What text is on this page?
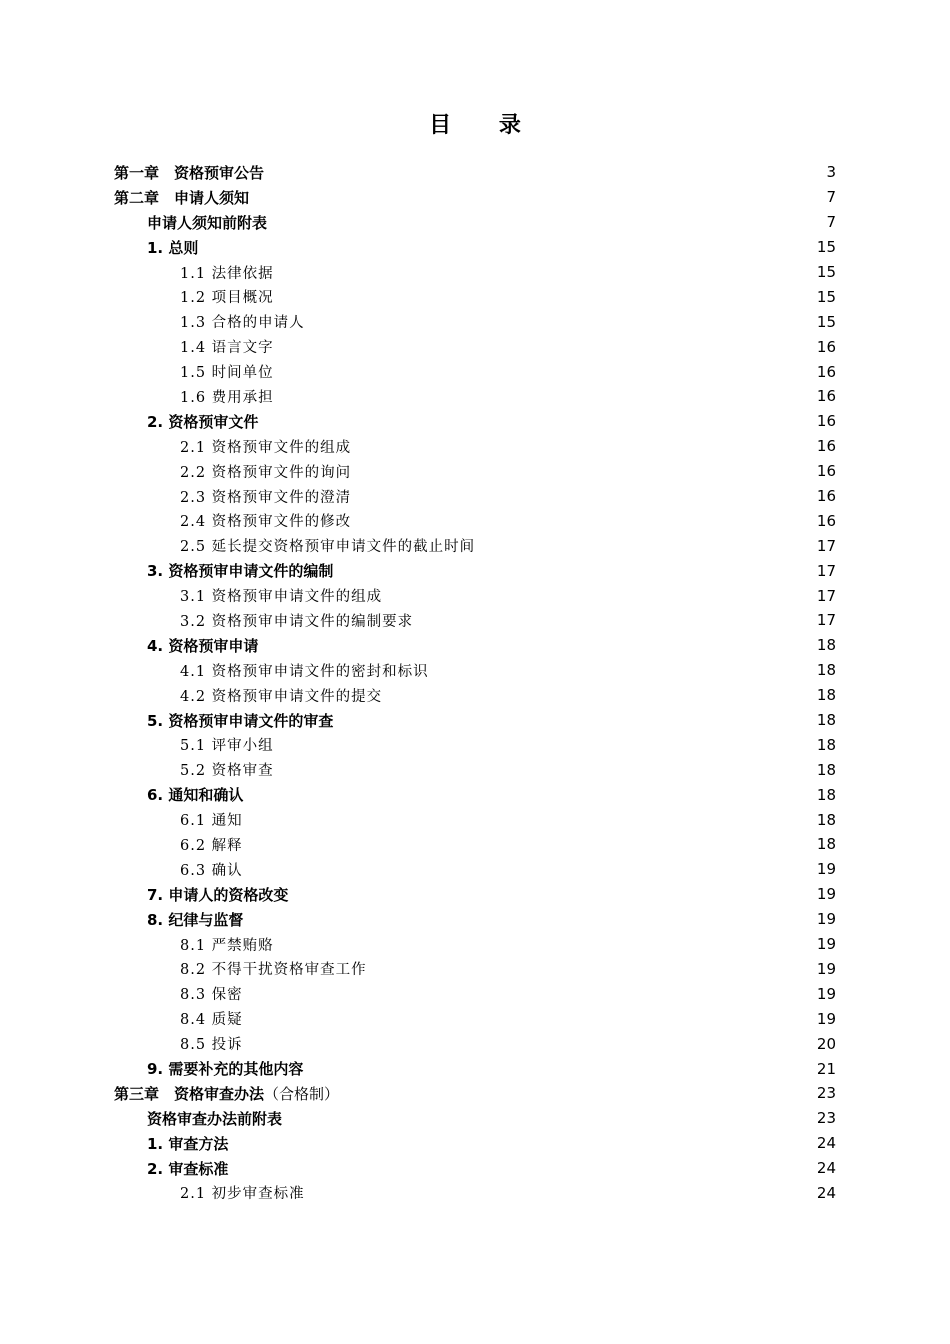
目 录
第一章　资格预审公告	3
第二章　申请人须知	7
申请人须知前附表	7
1. 总则	15
1.1 法律依据	15
1.2 项目概况	15
1.3 合格的申请人	15
1.4 语言文字	16
1.5 时间单位	16
1.6 费用承担	16
2. 资格预审文件	16
2.1 资格预审文件的组成	16
2.2 资格预审文件的询问	16
2.3 资格预审文件的澄清	16
2.4 资格预审文件的修改	16
2.5 延长提交资格预审申请文件的截止时间	17
3. 资格预审申请文件的编制	17
3.1 资格预审申请文件的组成	17
3.2 资格预审申请文件的编制要求	17
4. 资格预审申请	18
4.1 资格预审申请文件的密封和标识	18
4.2 资格预审申请文件的提交	18
5. 资格预审申请文件的审查	18
5.1 评审小组	18
5.2 资格审查	18
6. 通知和确认	18
6.1 通知	18
6.2 解释	18
6.3 确认	19
7. 申请人的资格改变	19
8. 纪律与监督	19
8.1 严禁贿赂	19
8.2 不得干扰资格审查工作	19
8.3 保密	19
8.4 质疑	19
8.5 投诉	20
9. 需要补充的其他内容	21
第三章　资格审查办法（合格制）	23
资格审查办法前附表	23
1. 审查方法	24
2. 审查标准	24
2.1 初步审查标准	24
